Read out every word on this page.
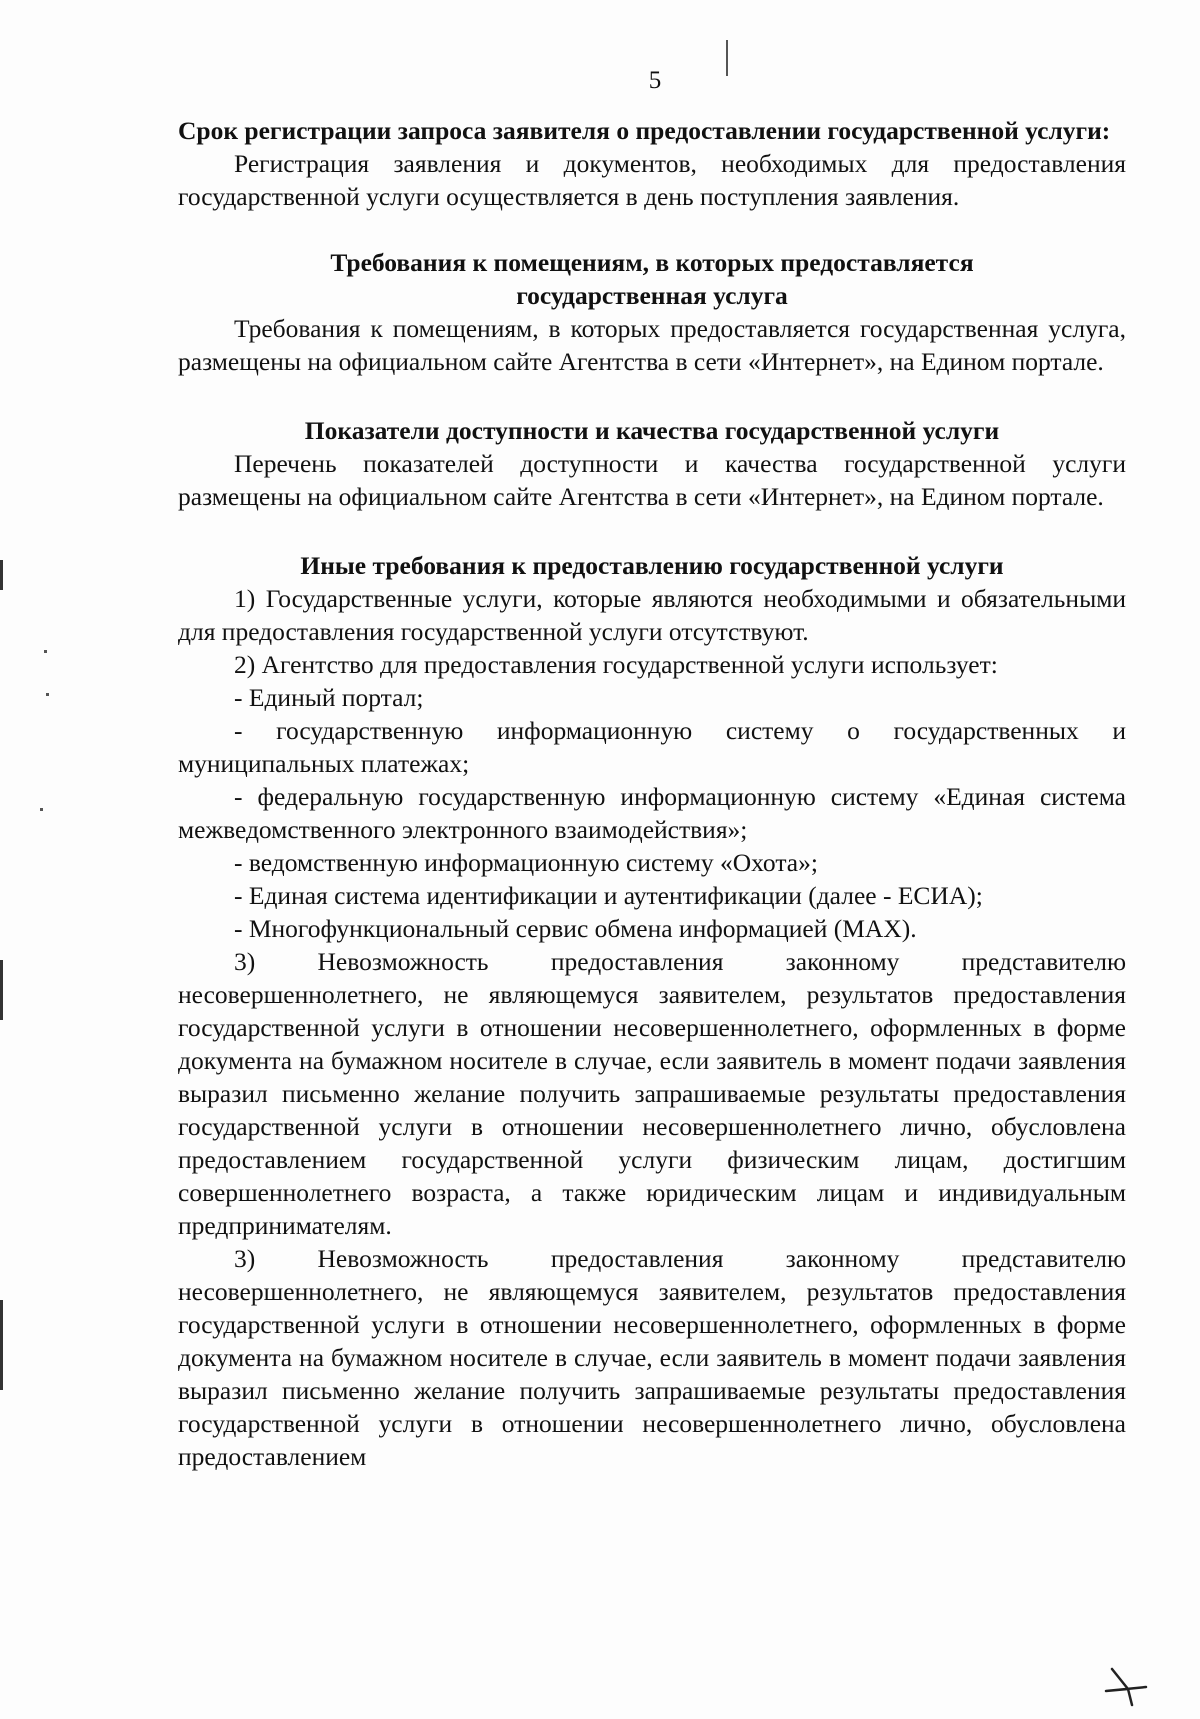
5

Срок регистрации запроса заявителя о предоставлении государственной услуги:

Регистрация заявления и документов, необходимых для предоставления государственной услуги осуществляется в день поступления заявления.

Требования к помещениям, в которых предоставляется
государственная услуга

Требования к помещениям, в которых предоставляется государственная услуга, размещены на официальном сайте Агентства в сети «Интернет», на Едином портале.

Показатели доступности и качества государственной услуги

Перечень показателей доступности и качества государственной услуги размещены на официальном сайте Агентства в сети «Интернет», на Едином портале.

Иные требования к предоставлению государственной услуги

1) Государственные услуги, которые являются необходимыми и обязательными для предоставления государственной услуги отсутствуют.

2) Агентство для предоставления государственной услуги использует:

- Единый портал;

- государственную информационную систему о государственных и муниципальных платежах;

- федеральную государственную информационную систему «Единая система межведомственного электронного взаимодействия»;

- ведомственную информационную систему «Охота»;

- Единая система идентификации и аутентификации (далее - ЕСИА);

- Многофункциональный сервис обмена информацией (MAX).

3) Невозможность предоставления законному представителю несовершеннолетнего, не являющемуся заявителем, результатов предоставления государственной услуги в отношении несовершеннолетнего, оформленных в форме документа на бумажном носителе в случае, если заявитель в момент подачи заявления выразил письменно желание получить запрашиваемые результаты предоставления государственной услуги в отношении несовершеннолетнего лично, обусловлена предоставлением государственной услуги физическим лицам, достигшим совершеннолетнего возраста, а также юридическим лицам и индивидуальным предпринимателям.

3) Невозможность предоставления законному представителю несовершеннолетнего, не являющемуся заявителем, результатов предоставления государственной услуги в отношении несовершеннолетнего, оформленных в форме документа на бумажном носителе в случае, если заявитель в момент подачи заявления выразил письменно желание получить запрашиваемые результаты предоставления государственной услуги в отношении несовершеннолетнего лично, обусловлена предоставлением
